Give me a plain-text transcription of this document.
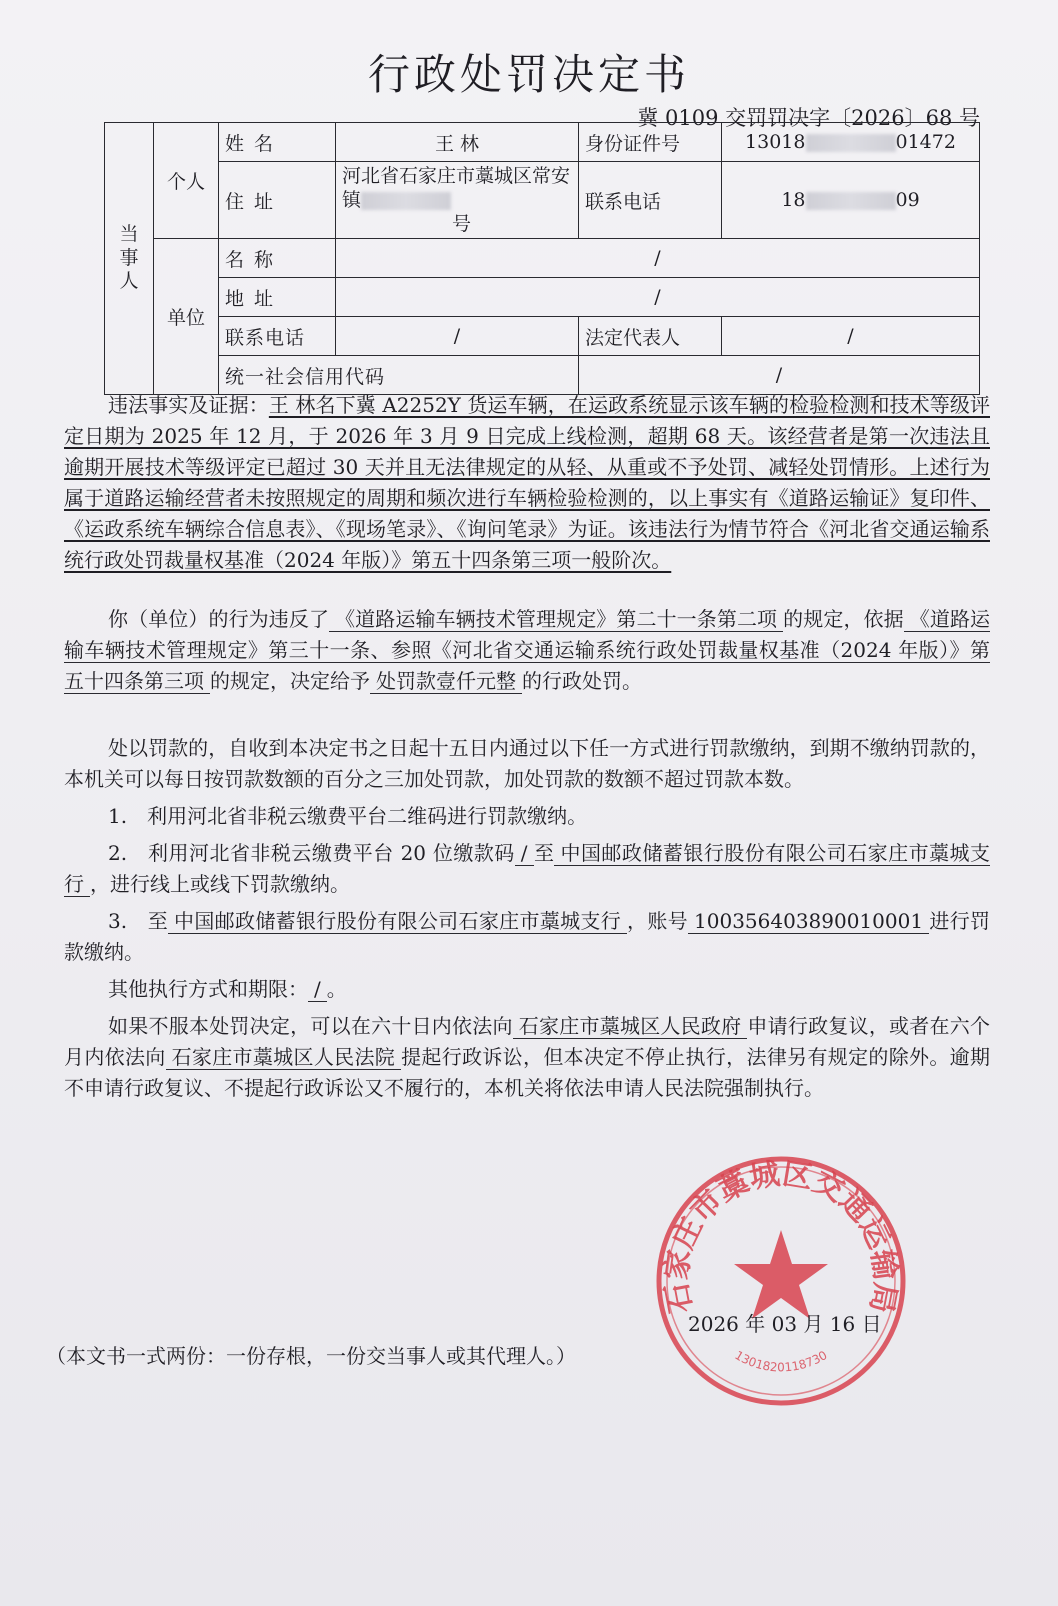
行政处罚决定书
冀 0109 交罚罚决字〔2026〕68 号
当事人	个人	姓 名	王 林	身份证件号	13018 01472
		住 址	河北省石家庄市藁城区常安镇
号	联系电话	18 09
	单位	名 称	/		
		地 址	/		
		联系电话	/	法定代表人	/
		统一社会信用代码		/	
违法事实及证据：王 林名下冀 A2252Y 货运车辆，在运政系统显示该车辆的检验检测和技术等级评定日期为 2025 年 12 月，于 2026 年 3 月 9 日完成上线检测，超期 68 天。该经营者是第一次违法且逾期开展技术等级评定已超过 30 天并且无法律规定的从轻、从重或不予处罚、减轻处罚情形。上述行为属于道路运输经营者未按照规定的周期和频次进行车辆检验检测的，以上事实有《道路运输证》复印件、《运政系统车辆综合信息表》、《现场笔录》、《询问笔录》为证。该违法行为情节符合《河北省交通运输系统行政处罚裁量权基准（2024 年版）》第五十四条第三项一般阶次。
你（单位）的行为违反了 《道路运输车辆技术管理规定》第二十一条第二项 的规定，依据 《道路运输车辆技术管理规定》第三十一条、参照《河北省交通运输系统行政处罚裁量权基准（2024 年版）》第五十四条第三项 的规定，决定给予 处罚款壹仟元整 的行政处罚。
处以罚款的，自收到本决定书之日起十五日内通过以下任一方式进行罚款缴纳，到期不缴纳罚款的，本机关可以每日按罚款数额的百分之三加处罚款，加处罚款的数额不超过罚款本数。
1.　利用河北省非税云缴费平台二维码进行罚款缴纳。
2.　利用河北省非税云缴费平台 20 位缴款码 / 至 中国邮政储蓄银行股份有限公司石家庄市藁城支行 ，进行线上或线下罚款缴纳。
3.　至 中国邮政储蓄银行股份有限公司石家庄市藁城支行 ，账号 100356403890010001 进行罚款缴纳。
其他执行方式和期限： / 。
如果不服本处罚决定，可以在六十日内依法向 石家庄市藁城区人民政府 申请行政复议，或者在六个月内依法向 石家庄市藁城区人民法院 提起行政诉讼，但本决定不停止执行，法律另有规定的除外。逾期不申请行政复议、不提起行政诉讼又不履行的，本机关将依法申请人民法院强制执行。
石家庄市藁城区交通运输局
1301820118730
2026 年 03 月 16 日
（本文书一式两份：一份存根，一份交当事人或其代理人。）
